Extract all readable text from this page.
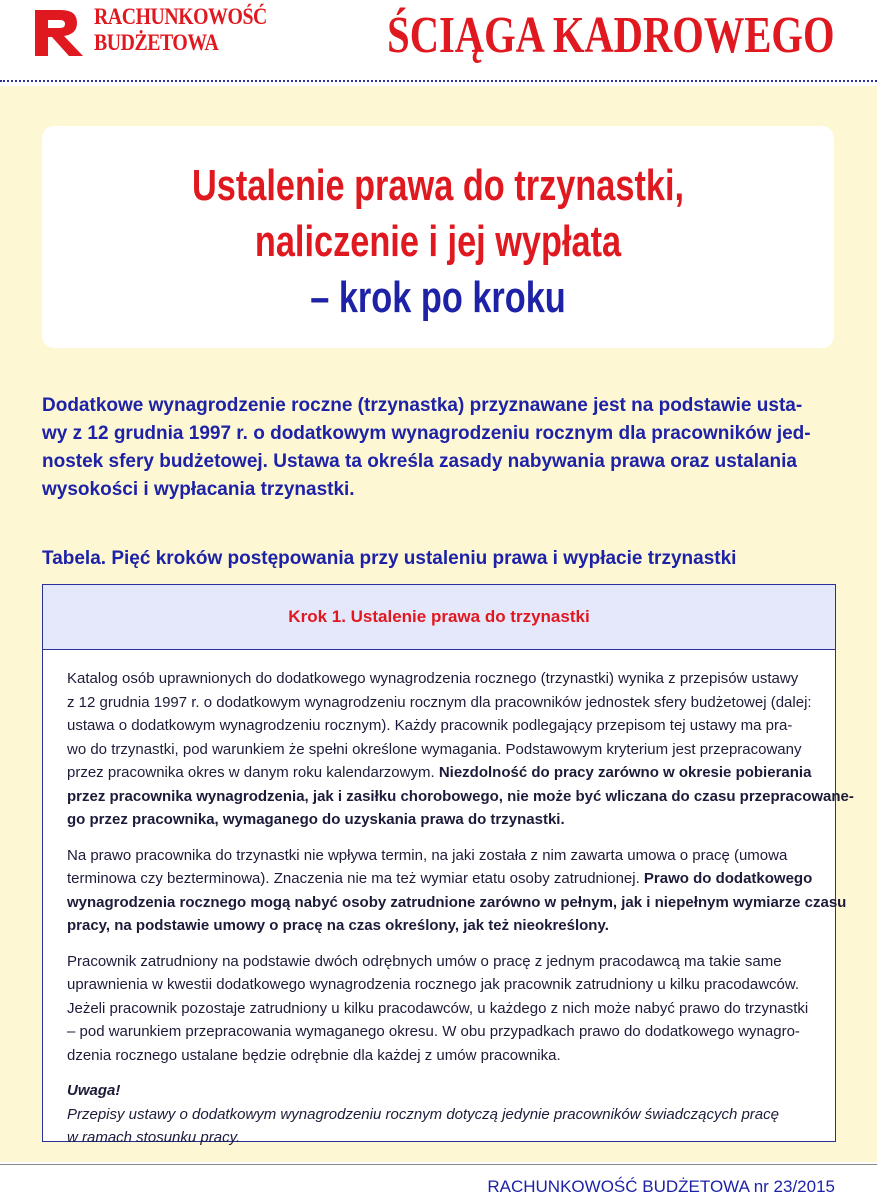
RACHUNKOWOŚĆ
BUDŻETOWA	ŚCIĄGA KADROWEGO
Ustalenie prawa do trzynastki,
naliczenie i jej wypłata
– krok po kroku
Dodatkowe wynagrodzenie roczne (trzynastka) przyznawane jest na podstawie usta-
wy z 12 grudnia 1997 r. o dodatkowym wynagrodzeniu rocznym dla pracowników jed-
nostek sfery budżetowej. Ustawa ta określa zasady nabywania prawa oraz ustalania
wysokości i wypłacania trzynastki.
Tabela. Pięć kroków postępowania przy ustaleniu prawa i wypłacie trzynastki
Krok 1. Ustalenie prawa do trzynastki
Katalog osób uprawnionych do dodatkowego wynagrodzenia rocznego (trzynastki) wynika z przepisów ustawy
z 12 grudnia 1997 r. o dodatkowym wynagrodzeniu rocznym dla pracowników jednostek sfery budżetowej (dalej:
ustawa o dodatkowym wynagrodzeniu rocznym). Każdy pracownik podlegający przepisom tej ustawy ma pra-
wo do trzynastki, pod warunkiem że spełni określone wymagania. Podstawowym kryterium jest przepracowany
przez pracownika okres w danym roku kalendarzowym. Niezdolność do pracy zarówno w okresie pobierania
przez pracownika wynagrodzenia, jak i zasiłku chorobowego, nie może być wliczana do czasu przepracowane-
go przez pracownika, wymaganego do uzyskania prawa do trzynastki.
Na prawo pracownika do trzynastki nie wpływa termin, na jaki została z nim zawarta umowa o pracę (umowa
terminowa czy bezterminowa). Znaczenia nie ma też wymiar etatu osoby zatrudnionej. Prawo do dodatkowego
wynagrodzenia rocznego mogą nabyć osoby zatrudnione zarówno w pełnym, jak i niepełnym wymiarze czasu
pracy, na podstawie umowy o pracę na czas określony, jak też nieokreślony.
Pracownik zatrudniony na podstawie dwóch odrębnych umów o pracę z jednym pracodawcą ma takie same
uprawnienia w kwestii dodatkowego wynagrodzenia rocznego jak pracownik zatrudniony u kilku pracodawców.
Jeżeli pracownik pozostaje zatrudniony u kilku pracodawców, u każdego z nich może nabyć prawo do trzynastki
– pod warunkiem przepracowania wymaganego okresu. W obu przypadkach prawo do dodatkowego wynagro-
dzenia rocznego ustalane będzie odrębnie dla każdej z umów pracownika.
Uwaga!
Przepisy ustawy o dodatkowym wynagrodzeniu rocznym dotyczą jedynie pracowników świadczących pracę
w ramach stosunku pracy.
RACHUNKOWOŚĆ BUDŻETOWA nr 23/2015
